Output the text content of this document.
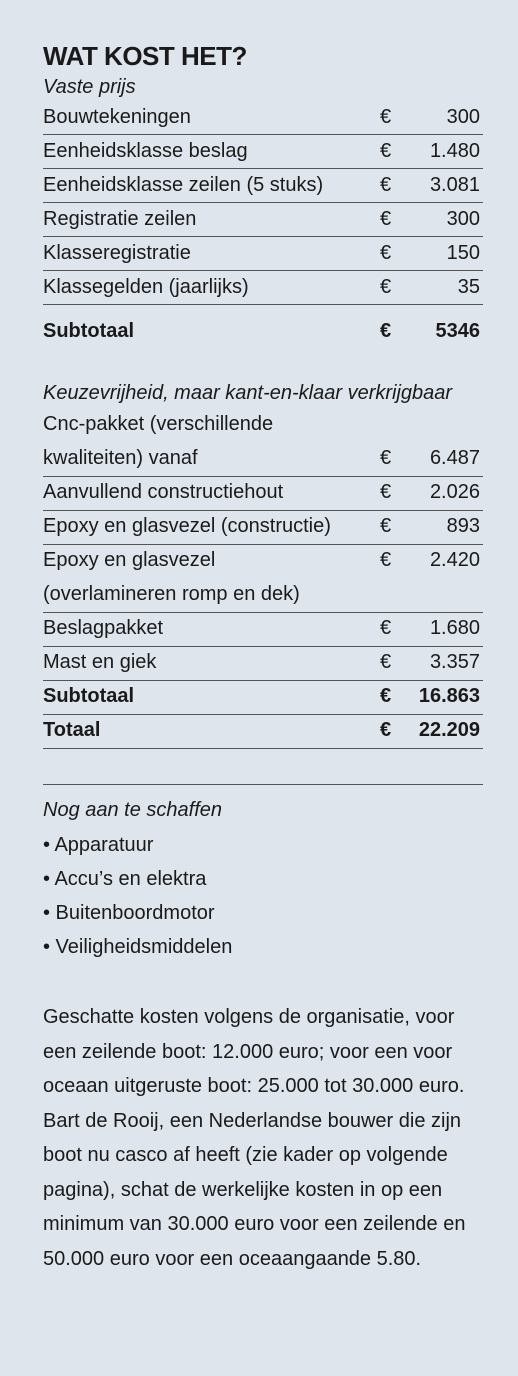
WAT KOST HET?
Vaste prijs
Bouwtekeningen	€	300
Eenheidsklasse beslag	€	1.480
Eenheidsklasse zeilen (5 stuks)	€	3.081
Registratie zeilen	€	300
Klasseregistratie	€	150
Klassegelden (jaarlijks)	€	35
Subtotaal	€	5346
Keuzevrijheid, maar kant-en-klaar verkrijgbaar
Cnc-pakket (verschillende
kwaliteiten) vanaf	€	6.487
Aanvullend constructiehout	€	2.026
Epoxy en glasvezel (constructie) €	893
Epoxy en glasvezel	€	2.420
(overlamineren romp en dek)
Beslagpakket	€	1.680
Mast en giek	€	3.357
Subtotaal	€	16.863
Totaal	€	22.209
Nog aan te schaffen
• Apparatuur
• Accu’s en elektra
• Buitenboordmotor
• Veiligheidsmiddelen
Geschatte kosten volgens de organisatie, voor
een zeilende boot: 12.000 euro; voor een voor
oceaan uitgeruste boot: 25.000 tot 30.000 euro.
Bart de Rooij, een Nederlandse bouwer die zijn
boot nu casco af heeft (zie kader op volgende
pagina), schat de werkelijke kosten in op een
minimum van 30.000 euro voor een zeilende en
50.000 euro voor een oceaangaande 5.80.
